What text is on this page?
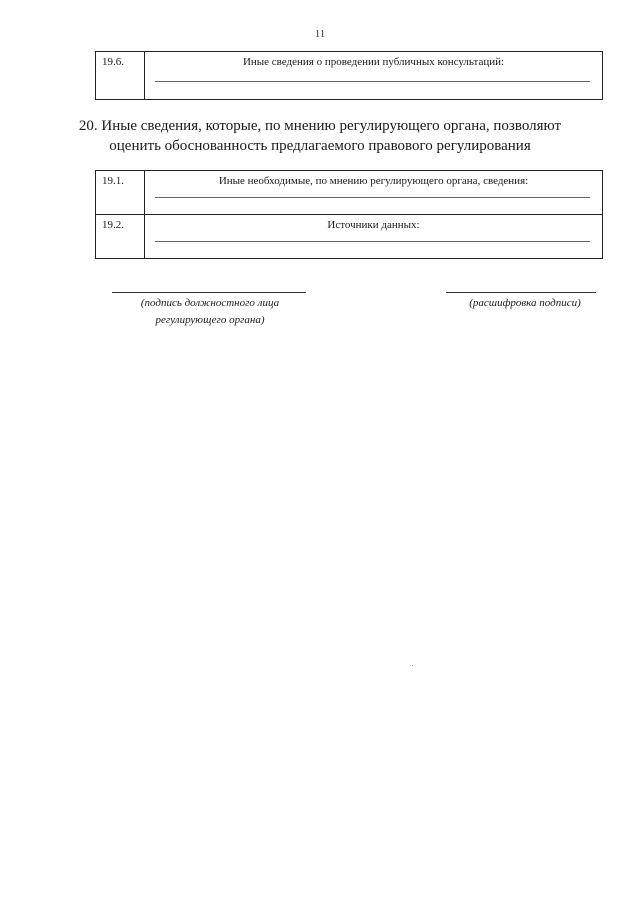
11
19.6.	Иные сведения о проведении публичных консультаций:
20. Иные сведения, которые, по мнению регулирующего органа, позволяют
оценить обоснованность предлагаемого правового регулирования
19.1.	Иные необходимые, по мнению регулирующего органа, сведения:

19.2.	Источники данных:
(подпись должностного лица
регулирующего органа)
(расшифровка подписи)
